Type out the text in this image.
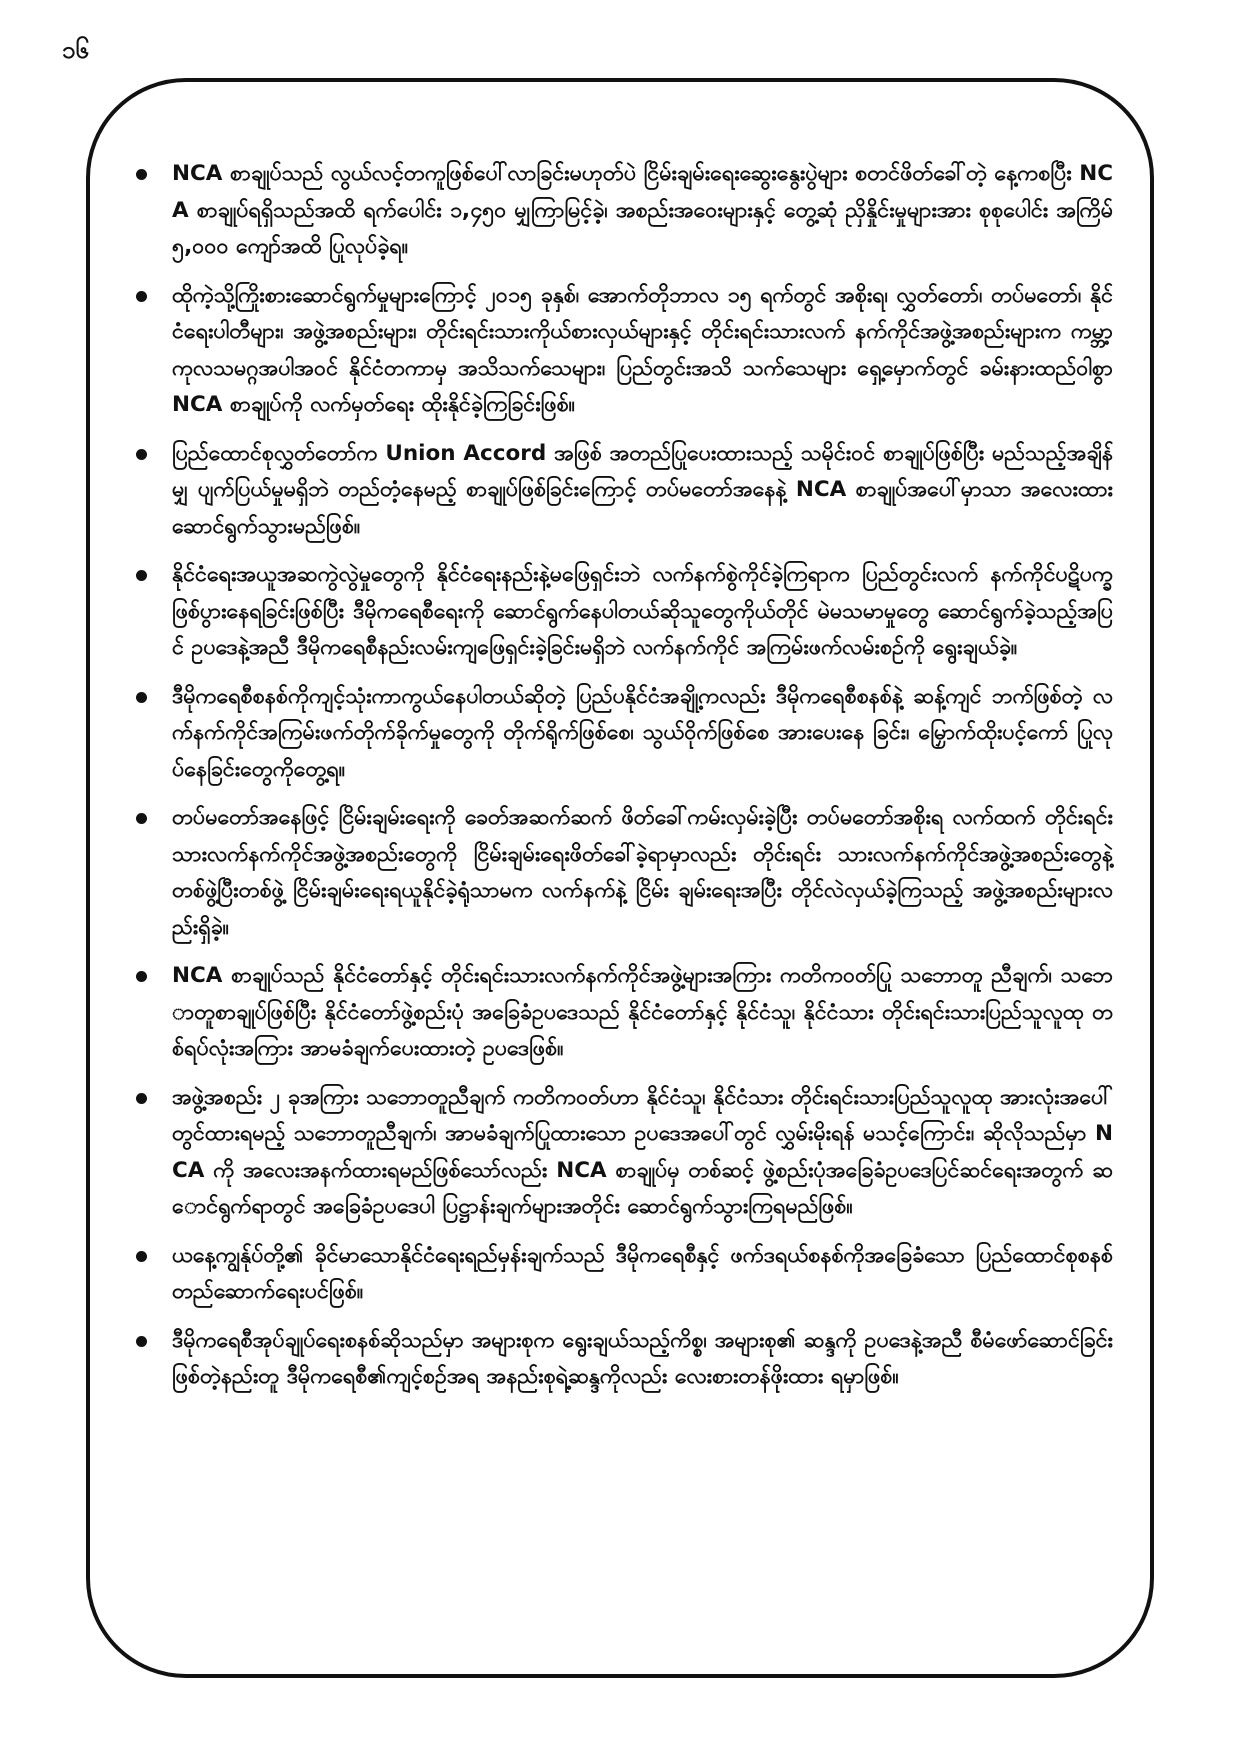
၁၆
NCA စာချုပ်သည် လွယ်လင့်တကူဖြစ်ပေါ်လာခြင်းမဟုတ်ပဲ ငြိမ်းချမ်းရေးဆွေးနွေးပွဲများ စတင်ဖိတ်ခေါ်တဲ့ နေ့ကစပြီး NCA စာချုပ်ရရှိသည်အထိ ရက်ပေါင်း ၁,၄၅၀ မျှကြာမြင့်ခဲ့၊ အစည်းအဝေးများနှင့် တွေ့ဆုံ ညှိနှိုင်းမှုများအား စုစုပေါင်း အကြိမ် ၅,၀၀၀ ကျော်အထိ ပြုလုပ်ခဲ့ရ။
ထိုကဲ့သို့ကြိုးစားဆောင်ရွက်မှုများကြောင့် ၂၀၁၅ ခုနှစ်၊ အောက်တိုဘာလ ၁၅ ရက်တွင် အစိုးရ၊ လွှတ်တော်၊ တပ်မတော်၊ နိုင်ငံရေးပါတီများ၊ အဖွဲ့အစည်းများ၊ တိုင်းရင်းသားကိုယ်စားလှယ်များနှင့် တိုင်းရင်းသားလက် နက်ကိုင်အဖွဲ့အစည်းများက ကမ္ဘာ့ကုလသမဂ္ဂအပါအဝင် နိုင်ငံတကာမှ အသိသက်သေများ၊ ပြည်တွင်းအသိ သက်သေများ ရှေ့မှောက်တွင် ခမ်းနားထည်ဝါစွာ NCA စာချုပ်ကို လက်မှတ်ရေး ထိုးနိုင်ခဲ့ကြခြင်းဖြစ်။
ပြည်ထောင်စုလွှတ်တော်က Union Accord အဖြစ် အတည်ပြုပေးထားသည့် သမိုင်းဝင် စာချုပ်ဖြစ်ပြီး မည်သည့်အချိန်မျှ ပျက်ပြယ်မှုမရှိဘဲ တည်တံ့နေမည့် စာချုပ်ဖြစ်ခြင်းကြောင့် တပ်မတော်အနေနဲ့ NCA စာချုပ်အပေါ်မှာသာ အလေးထားဆောင်ရွက်သွားမည်ဖြစ်။
နိုင်ငံရေးအယူအဆကွဲလွဲမှုတွေကို နိုင်ငံရေးနည်းနဲ့မဖြေရှင်းဘဲ လက်နက်စွဲကိုင်ခဲ့ကြရာက ပြည်တွင်းလက် နက်ကိုင်ပဋိပက္ခ ဖြစ်ပွားနေရခြင်းဖြစ်ပြီး ဒီမိုကရေစီရေးကို ဆောင်ရွက်နေပါတယ်ဆိုသူတွေကိုယ်တိုင် မဲမသမာမှုတွေ ဆောင်ရွက်ခဲ့သည့်အပြင် ဥပဒေနဲ့အညီ ဒီမိုကရေစီနည်းလမ်းကျဖြေရှင်းခဲ့ခြင်းမရှိဘဲ လက်နက်ကိုင် အကြမ်းဖက်လမ်းစဉ်ကို ရွေးချယ်ခဲ့။
ဒီမိုကရေစီစနစ်ကိုကျင့်သုံးကာကွယ်နေပါတယ်ဆိုတဲ့ ပြည်ပနိုင်ငံအချို့ကလည်း ဒီမိုကရေစီစနစ်နဲ့ ဆန့်ကျင် ဘက်ဖြစ်တဲ့ လက်နက်ကိုင်အကြမ်းဖက်တိုက်ခိုက်မှုတွေကို တိုက်ရိုက်ဖြစ်စေ၊ သွယ်ဝိုက်ဖြစ်စေ အားပေးနေ ခြင်း၊ မြှောက်ထိုးပင့်ကော် ပြုလုပ်နေခြင်းတွေကိုတွေ့ရ။
တပ်မတော်အနေဖြင့် ငြိမ်းချမ်းရေးကို ခေတ်အဆက်ဆက် ဖိတ်ခေါ်ကမ်းလှမ်းခဲ့ပြီး တပ်မတော်အစိုးရ လက်ထက် တိုင်းရင်းသားလက်နက်ကိုင်အဖွဲ့အစည်းတွေကို ငြိမ်းချမ်းရေးဖိတ်ခေါ်ခဲ့ရာမှာလည်း တိုင်းရင်း သားလက်နက်ကိုင်အဖွဲ့အစည်းတွေနဲ့ တစ်ဖွဲ့ပြီးတစ်ဖွဲ့ ငြိမ်းချမ်းရေးရယူနိုင်ခဲ့ရုံသာမက လက်နက်နဲ့ ငြိမ်း ချမ်းရေးအပြီး တိုင်လဲလှယ်ခဲ့ကြသည့် အဖွဲ့အစည်းများလည်းရှိခဲ့။
NCA စာချုပ်သည် နိုင်ငံတော်နှင့် တိုင်းရင်းသားလက်နက်ကိုင်အဖွဲ့များအကြား ကတိကဝတ်ပြု သဘောတူ ညီချက်၊ သဘောတူစာချုပ်ဖြစ်ပြီး နိုင်ငံတော်ဖွဲ့စည်းပုံ အခြေခံဥပဒေသည် နိုင်ငံတော်နှင့် နိုင်ငံသူ၊ နိုင်ငံသား တိုင်းရင်းသားပြည်သူလူထု တစ်ရပ်လုံးအကြား အာမခံချက်ပေးထားတဲ့ ဥပဒေဖြစ်။
အဖွဲ့အစည်း ၂ ခုအကြား သဘောတူညီချက် ကတိကဝတ်ဟာ နိုင်ငံသူ၊ နိုင်ငံသား တိုင်းရင်းသားပြည်သူလူထု အားလုံးအပေါ်တွင်ထားရမည့် သဘောတူညီချက်၊ အာမခံချက်ပြုထားသော ဥပဒေအပေါ်တွင် လွှမ်းမိုးရန် မသင့်ကြောင်း၊ ဆိုလိုသည်မှာ NCA ကို အလေးအနက်ထားရမည်ဖြစ်သော်လည်း NCA စာချုပ်မှ တစ်ဆင့် ဖွဲ့စည်းပုံအခြေခံဥပဒေပြင်ဆင်ရေးအတွက် ဆောင်ရွက်ရာတွင် အခြေခံဥပဒေပါ ပြဋ္ဌာန်းချက်များအတိုင်း ဆောင်ရွက်သွားကြရမည်ဖြစ်။
ယနေ့ကျွန်ုပ်တို့၏ ခိုင်မာသောနိုင်ငံရေးရည်မှန်းချက်သည် ဒီမိုကရေစီနှင့် ဖက်ဒရယ်စနစ်ကိုအခြေခံသော ပြည်ထောင်စုစနစ် တည်ဆောက်ရေးပင်ဖြစ်။
ဒီမိုကရေစီအုပ်ချုပ်ရေးစနစ်ဆိုသည်မှာ အများစုက ရွေးချယ်သည့်ကိစ္စ၊ အများစု၏ ဆန္ဒကို ဥပဒေနဲ့အညီ စီမံဖော်ဆောင်ခြင်းဖြစ်တဲ့နည်းတူ ဒီမိုကရေစီ၏ကျင့်စဉ်အရ အနည်းစုရဲ့ဆန္ဒကိုလည်း လေးစားတန်ဖိုးထား ရမှာဖြစ်။
